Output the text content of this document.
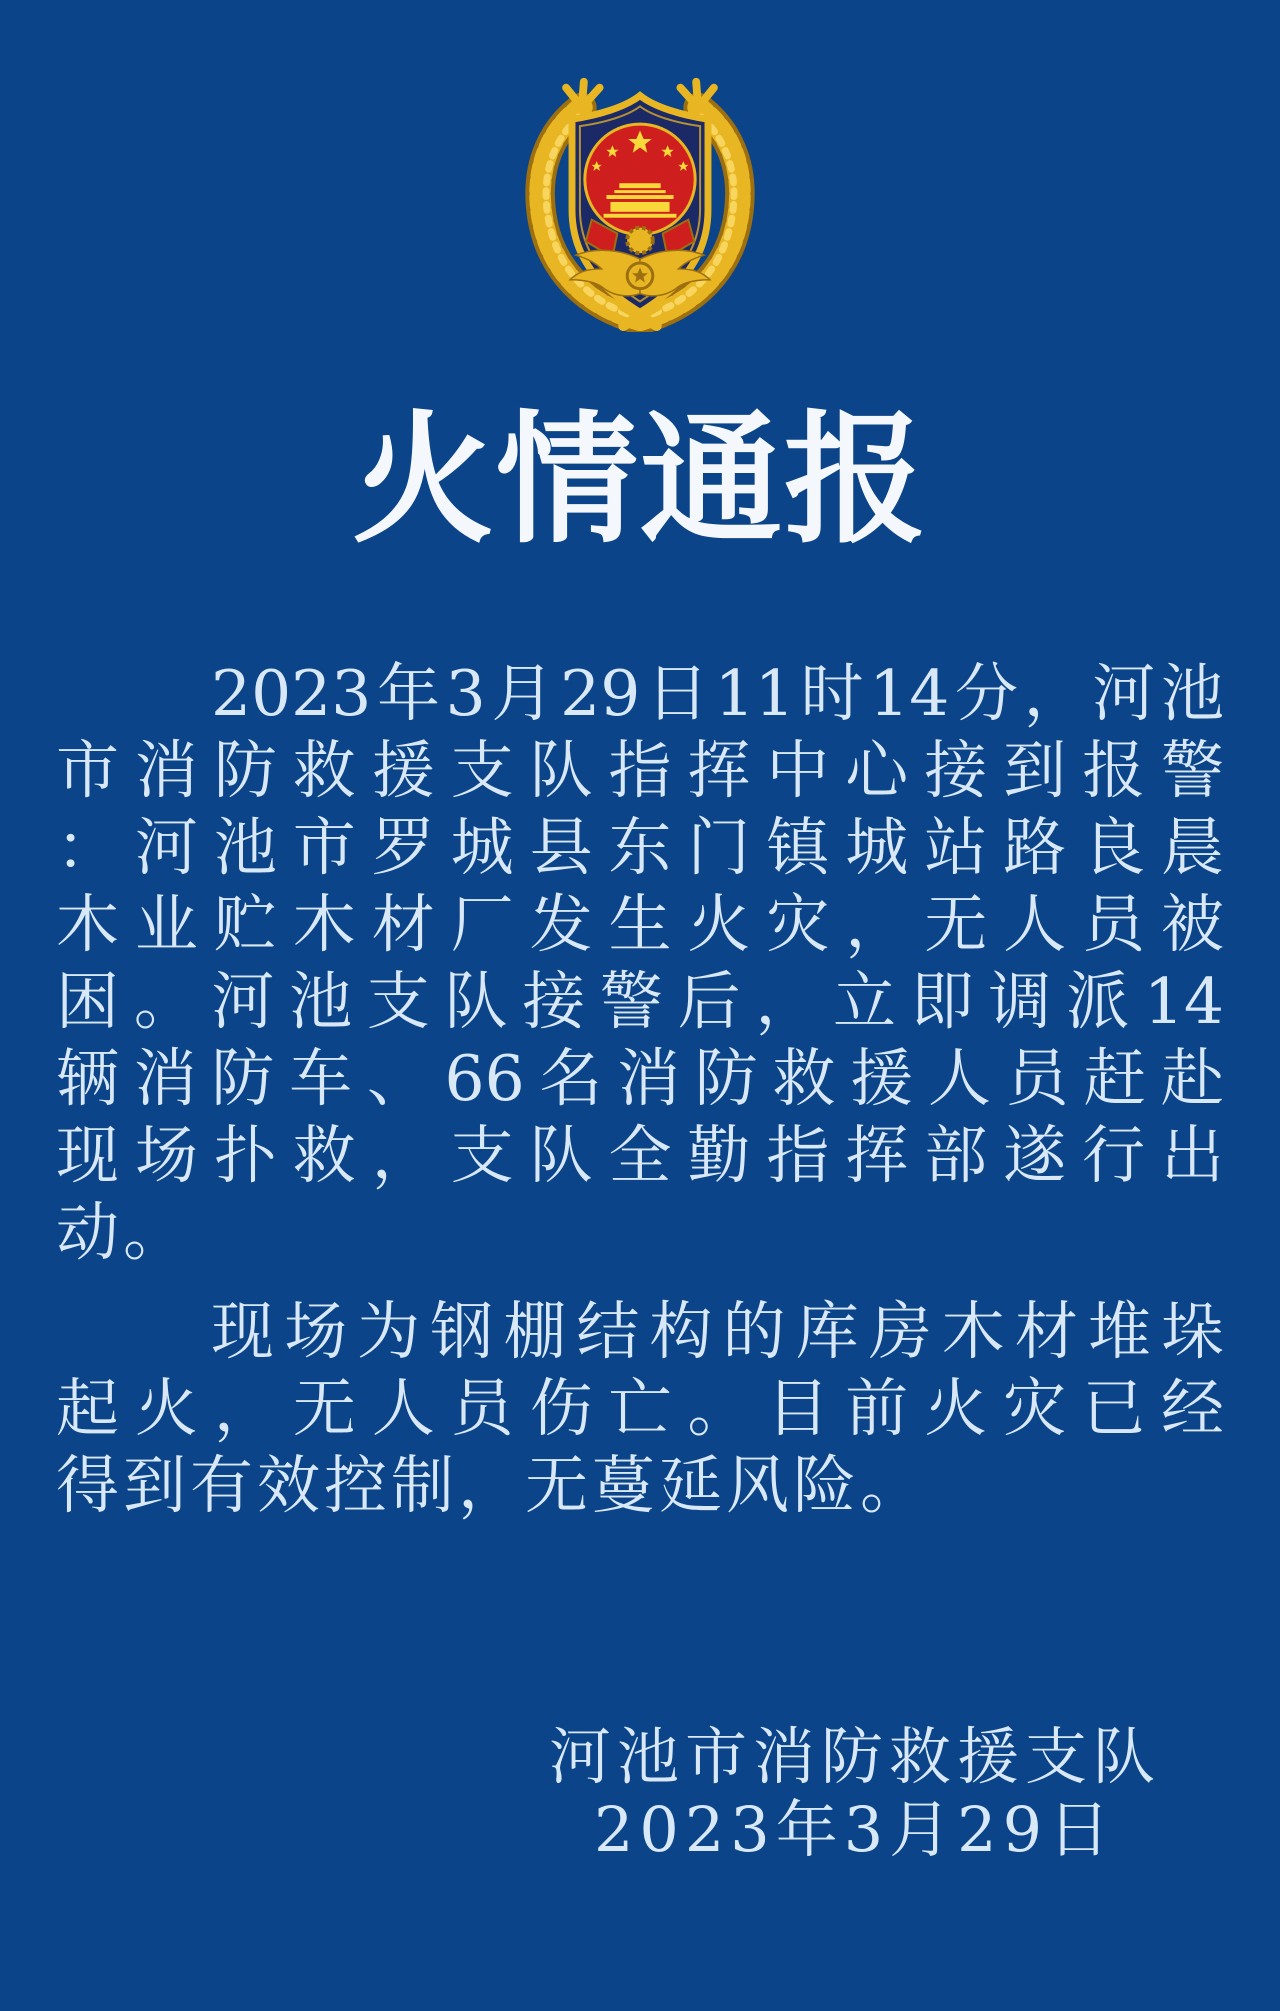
火情通报
2023年3月29日11时14分，河池
市消防救援支队指挥中心接到报警
：河池市罗城县东门镇城站路良晨
木业贮木材厂发生火灾，无人员被
困。河池支队接警后，立即调派14
辆消防车、66名消防救援人员赶赴
现场扑救，支队全勤指挥部遂行出
动。
现场为钢棚结构的库房木材堆垛
起火，无人员伤亡。目前火灾已经
得到有效控制，无蔓延风险。
河池市消防救援支队
2023年3月29日
